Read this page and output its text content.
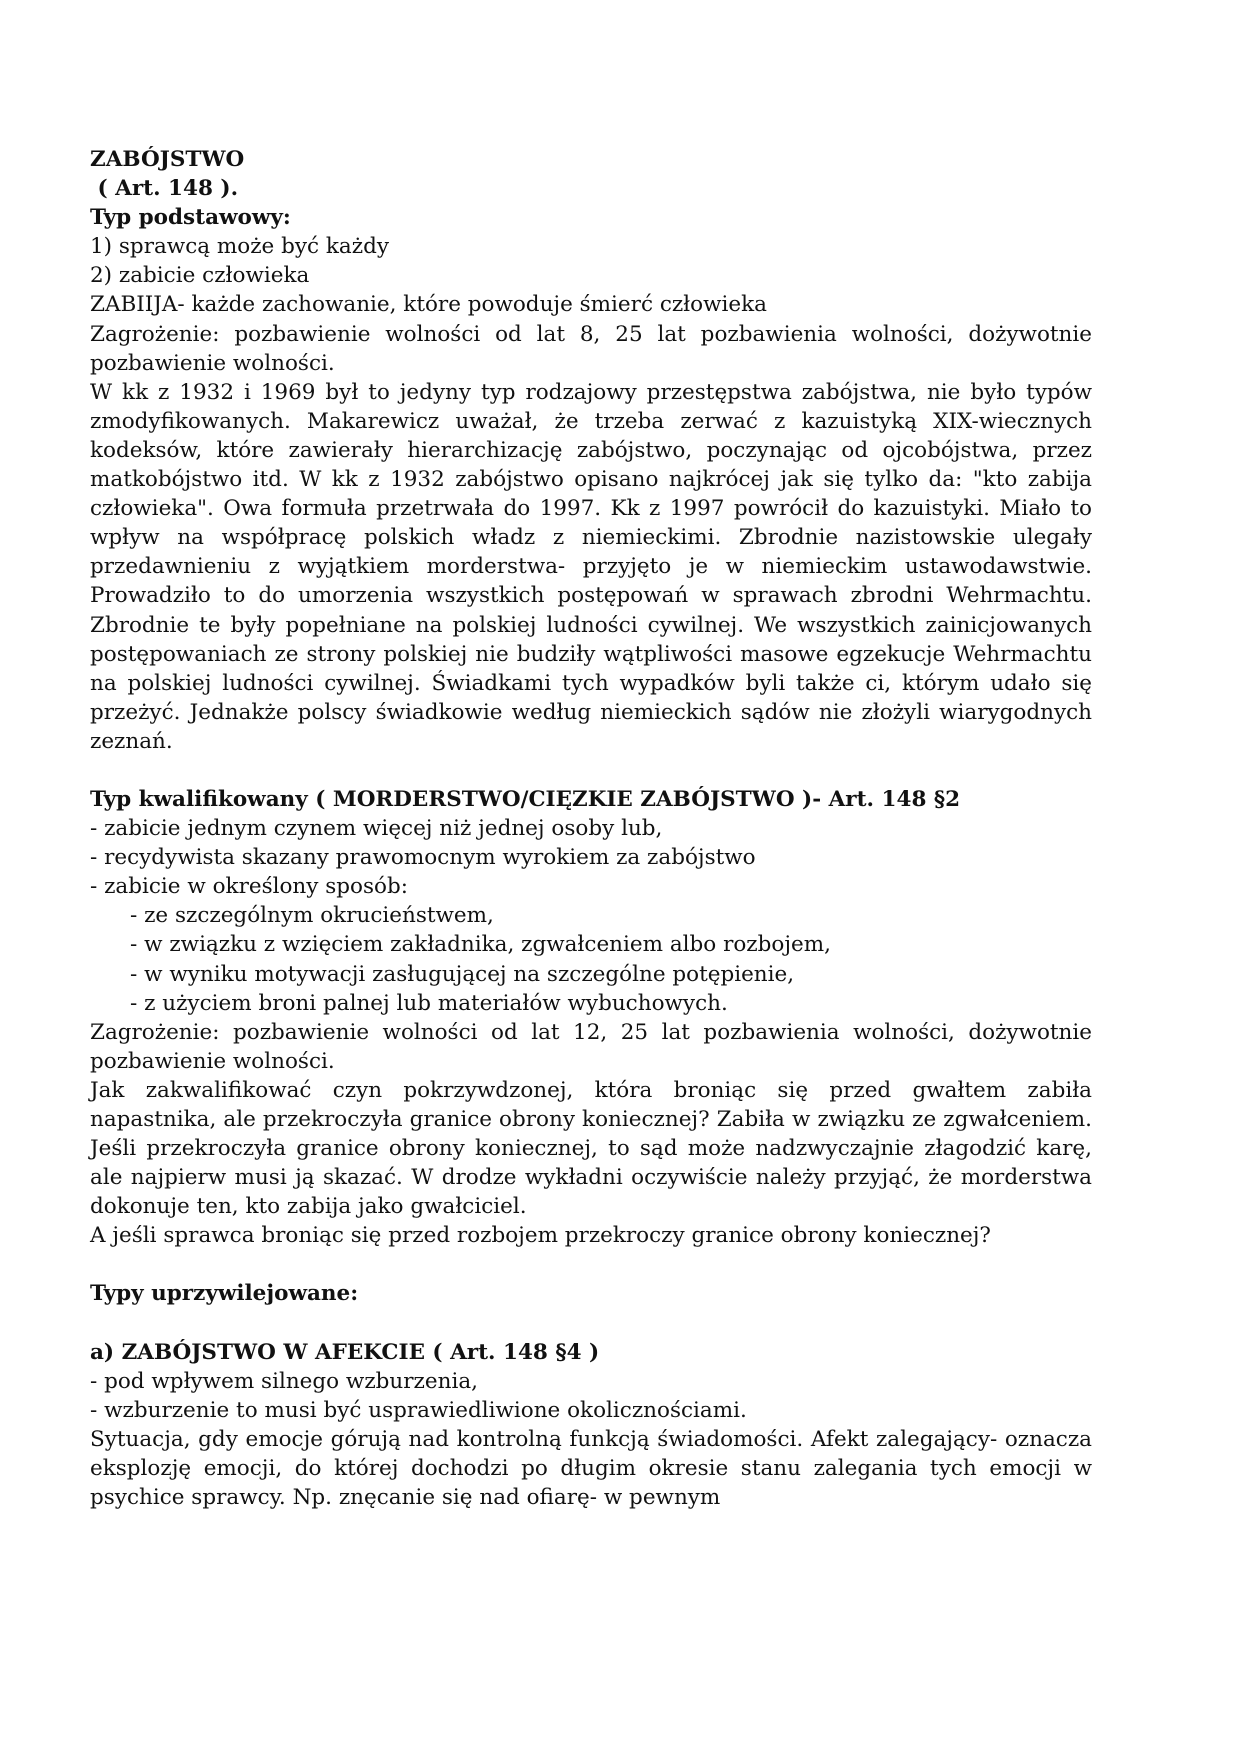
ZABÓJSTWO

( Art. 148 ).

Typ podstawowy:

1) sprawcą może być każdy

2) zabicie człowieka

ZABIIJA- każde zachowanie, które powoduje śmierć człowieka

Zagrożenie: pozbawienie wolności od lat 8, 25 lat pozbawienia wolności, dożywotnie pozbawienie wolności.

W kk z 1932 i 1969 był to jedyny typ rodzajowy przestępstwa zabójstwa, nie było typów zmodyfikowanych. Makarewicz uważał, że trzeba zerwać z kazuistyką XIX-wiecznych kodeksów, które zawierały hierarchizację zabójstwo, poczynając od ojcobójstwa, przez matkobójstwo itd. W kk z 1932 zabójstwo opisano najkrócej jak się tylko da: "kto zabija człowieka". Owa formuła przetrwała do 1997. Kk z 1997 powrócił do kazuistyki. Miało to wpływ na współpracę polskich władz z niemieckimi. Zbrodnie nazistowskie ulegały przedawnieniu z wyjątkiem morderstwa- przyjęto je w niemieckim ustawodawstwie. Prowadziło to do umorzenia wszystkich postępowań w sprawach zbrodni Wehrmachtu. Zbrodnie te były popełniane na polskiej ludności cywilnej. We wszystkich zainicjowanych postępowaniach ze strony polskiej nie budziły wątpliwości masowe egzekucje Wehrmachtu na polskiej ludności cywilnej. Świadkami tych wypadków byli także ci, którym udało się przeżyć. Jednakże polscy świadkowie według niemieckich sądów nie złożyli wiarygodnych zeznań.

Typ kwalifikowany ( MORDERSTWO/CIĘZKIE ZABÓJSTWO )- Art. 148 §2

- zabicie jednym czynem więcej niż jednej osoby lub,

- recydywista skazany prawomocnym wyrokiem za zabójstwo

- zabicie w określony sposób:

- ze szczególnym okrucieństwem,

- w związku z wzięciem zakładnika, zgwałceniem albo rozbojem,

- w wyniku motywacji zasługującej na szczególne potępienie,

- z użyciem broni palnej lub materiałów wybuchowych.

Zagrożenie: pozbawienie wolności od lat 12, 25 lat pozbawienia wolności, dożywotnie pozbawienie wolności.

Jak zakwalifikować czyn pokrzywdzonej, która broniąc się przed gwałtem zabiła napastnika, ale przekroczyła granice obrony koniecznej? Zabiła w związku ze zgwałceniem. Jeśli przekroczyła granice obrony koniecznej, to sąd może nadzwyczajnie złagodzić karę, ale najpierw musi ją skazać. W drodze wykładni oczywiście należy przyjąć, że morderstwa dokonuje ten, kto zabija jako gwałciciel.

A jeśli sprawca broniąc się przed rozbojem przekroczy granice obrony koniecznej?

Typy uprzywilejowane:

a) ZABÓJSTWO W AFEKCIE ( Art. 148 §4 )

- pod wpływem silnego wzburzenia,

- wzburzenie to musi być usprawiedliwione okolicznościami.

Sytuacja, gdy emocje górują nad kontrolną funkcją świadomości. Afekt zalegający- oznacza eksplozję emocji, do której dochodzi po długim okresie stanu zalegania tych emocji w psychice sprawcy. Np. znęcanie się nad ofiarę- w pewnym
